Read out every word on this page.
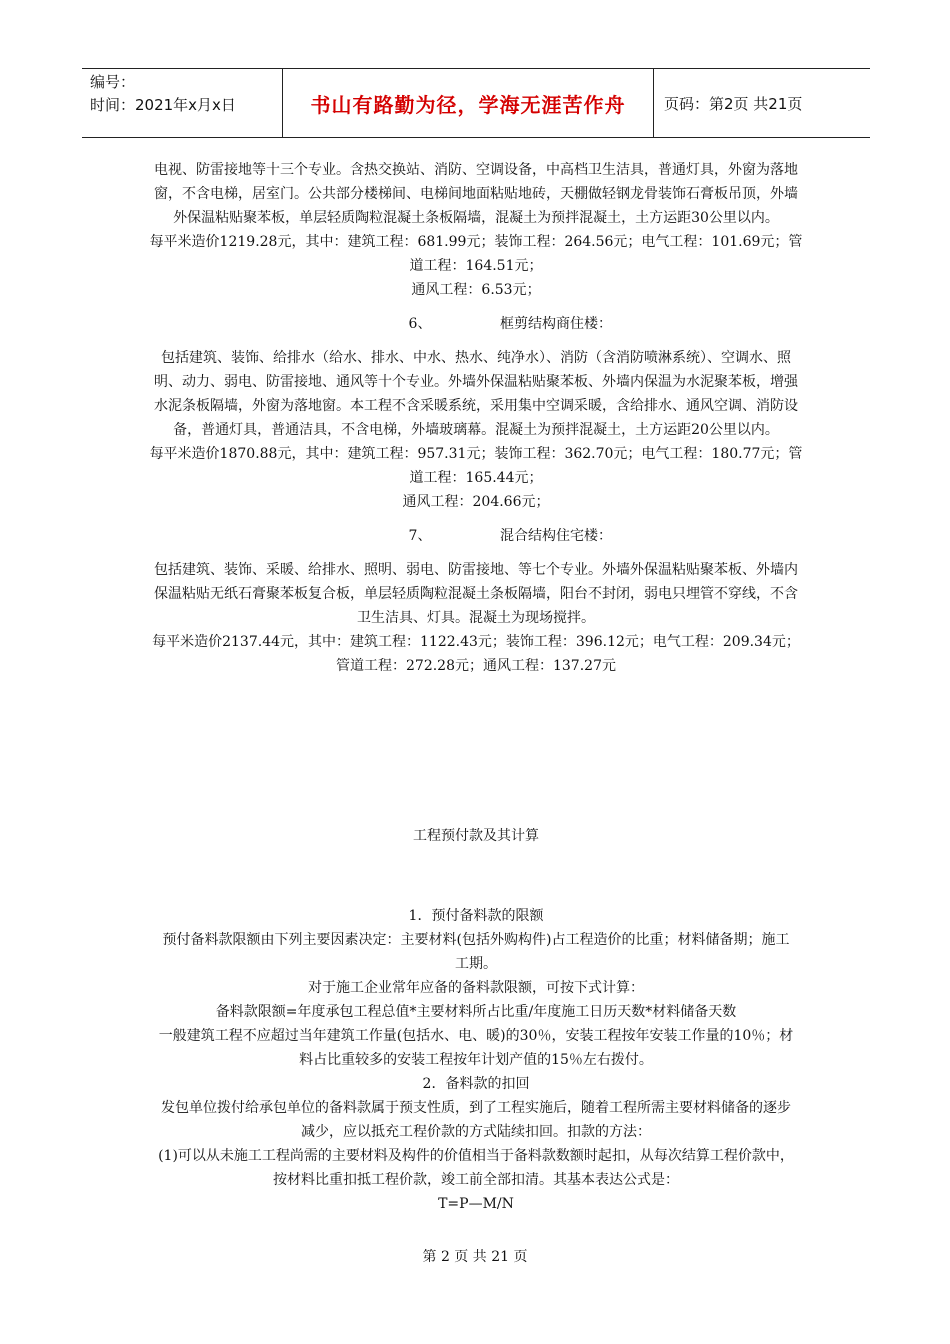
编号：
时间：2021年x月x日	书山有路勤为径，学海无涯苦作舟	页码：第2页 共21页

电视、防雷接地等十三个专业。含热交换站、消防、空调设备，中高档卫生洁具，普通灯具，外窗为落地

窗，不含电梯，居室门。公共部分楼梯间、电梯间地面粘贴地砖，天棚做轻钢龙骨装饰石膏板吊顶，外墙

外保温粘贴聚苯板，单层轻质陶粒混凝土条板隔墙，混凝土为预拌混凝土，土方运距30公里以内。

每平米造价1219.28元，其中：建筑工程：681.99元；装饰工程：264.56元；电气工程：101.69元；管

道工程：164.51元；

通风工程：6.53元；

6、	框剪结构商住楼：

包括建筑、装饰、给排水（给水、排水、中水、热水、纯净水）、消防（含消防喷淋系统）、空调水、照

明、动力、弱电、防雷接地、通风等十个专业。外墙外保温粘贴聚苯板、外墙内保温为水泥聚苯板，增强

水泥条板隔墙，外窗为落地窗。本工程不含采暖系统，采用集中空调采暖，含给排水、通风空调、消防设

备，普通灯具，普通洁具，不含电梯，外墙玻璃幕。混凝土为预拌混凝土，土方运距20公里以内。

每平米造价1870.88元，其中：建筑工程：957.31元；装饰工程：362.70元；电气工程：180.77元；管

道工程：165.44元；

通风工程：204.66元；

7、	混合结构住宅楼：

包括建筑、装饰、采暖、给排水、照明、弱电、防雷接地、等七个专业。外墙外保温粘贴聚苯板、外墙内

保温粘贴无纸石膏聚苯板复合板，单层轻质陶粒混凝土条板隔墙，阳台不封闭，弱电只埋管不穿线，不含

卫生洁具、灯具。混凝土为现场搅拌。

每平米造价2137.44元，其中：建筑工程：1122.43元；装饰工程：396.12元；电气工程：209.34元；

管道工程：272.28元；通风工程：137.27元

工程预付款及其计算

1．预付备料款的限额

预付备料款限额由下列主要因素决定：主要材料(包括外购构件)占工程造价的比重；材料储备期；施工

工期。

对于施工企业常年应备的备料款限额，可按下式计算：

备料款限额=年度承包工程总值*主要材料所占比重/年度施工日历天数*材料储备天数

一般建筑工程不应超过当年建筑工作量(包括水、电、暖)的30％，安装工程按年安装工作量的10％；材

料占比重较多的安装工程按年计划产值的15％左右拨付。

2．备料款的扣回

发包单位拨付给承包单位的备料款属于预支性质，到了工程实施后，随着工程所需主要材料储备的逐步

减少，应以抵充工程价款的方式陆续扣回。扣款的方法：

(1)可以从未施工工程尚需的主要材料及构件的价值相当于备料款数额时起扣，从每次结算工程价款中，

按材料比重扣抵工程价款，竣工前全部扣清。其基本表达公式是：

T=P—M/N

第 2 页 共 21 页
